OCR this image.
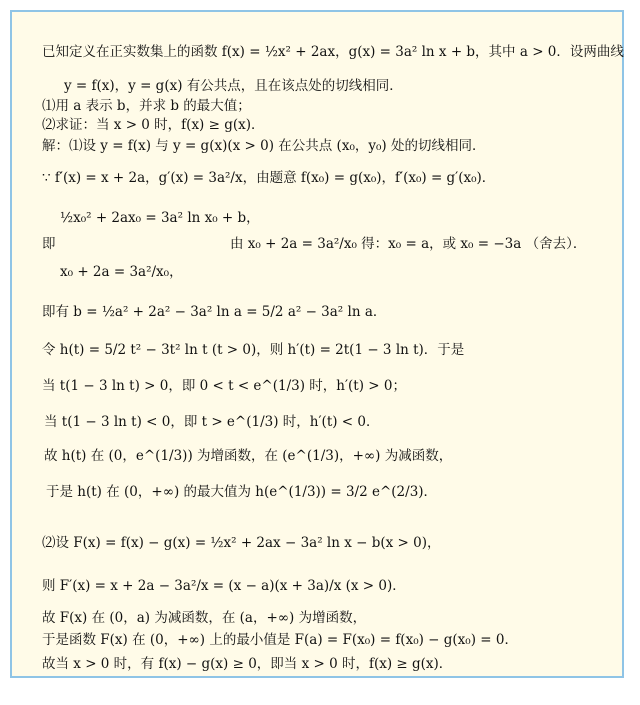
已知定义在正实数集上的函数 f(x) = ½x² + 2ax，g(x) = 3a² ln x + b，其中 a > 0．设两曲线
y = f(x)，y = g(x) 有公共点，且在该点处的切线相同．
⑴用 a 表示 b，并求 b 的最大值；
⑵求证：当 x > 0 时，f(x) ≥ g(x)．
解：⑴设 y = f(x) 与 y = g(x)(x > 0) 在公共点 (x₀，y₀) 处的切线相同．
∵ f′(x) = x + 2a，g′(x) = 3a²/x，由题意 f(x₀) = g(x₀)，f′(x₀) = g′(x₀)．
½x₀² + 2ax₀ = 3a² ln x₀ + b，
即	由 x₀ + 2a = 3a²/x₀ 得：x₀ = a，或 x₀ = −3a （舍去）．
x₀ + 2a = 3a²/x₀，
即有 b = ½a² + 2a² − 3a² ln a = 5/2 a² − 3a² ln a．
令 h(t) = 5/2 t² − 3t² ln t (t > 0)，则 h′(t) = 2t(1 − 3 ln t)．于是
当 t(1 − 3 ln t) > 0，即 0 < t < e^(1/3) 时，h′(t) > 0；
当 t(1 − 3 ln t) < 0，即 t > e^(1/3) 时，h′(t) < 0．
故 h(t) 在 (0，e^(1/3)) 为增函数，在 (e^(1/3)，+∞) 为减函数，
于是 h(t) 在 (0，+∞) 的最大值为 h(e^(1/3)) = 3/2 e^(2/3)．
⑵设 F(x) = f(x) − g(x) = ½x² + 2ax − 3a² ln x − b(x > 0)，
则 F′(x) = x + 2a − 3a²/x = (x − a)(x + 3a)/x (x > 0)．
故 F(x) 在 (0，a) 为减函数，在 (a，+∞) 为增函数，
于是函数 F(x) 在 (0，+∞) 上的最小值是 F(a) = F(x₀) = f(x₀) − g(x₀) = 0．
故当 x > 0 时，有 f(x) − g(x) ≥ 0，即当 x > 0 时，f(x) ≥ g(x)．
